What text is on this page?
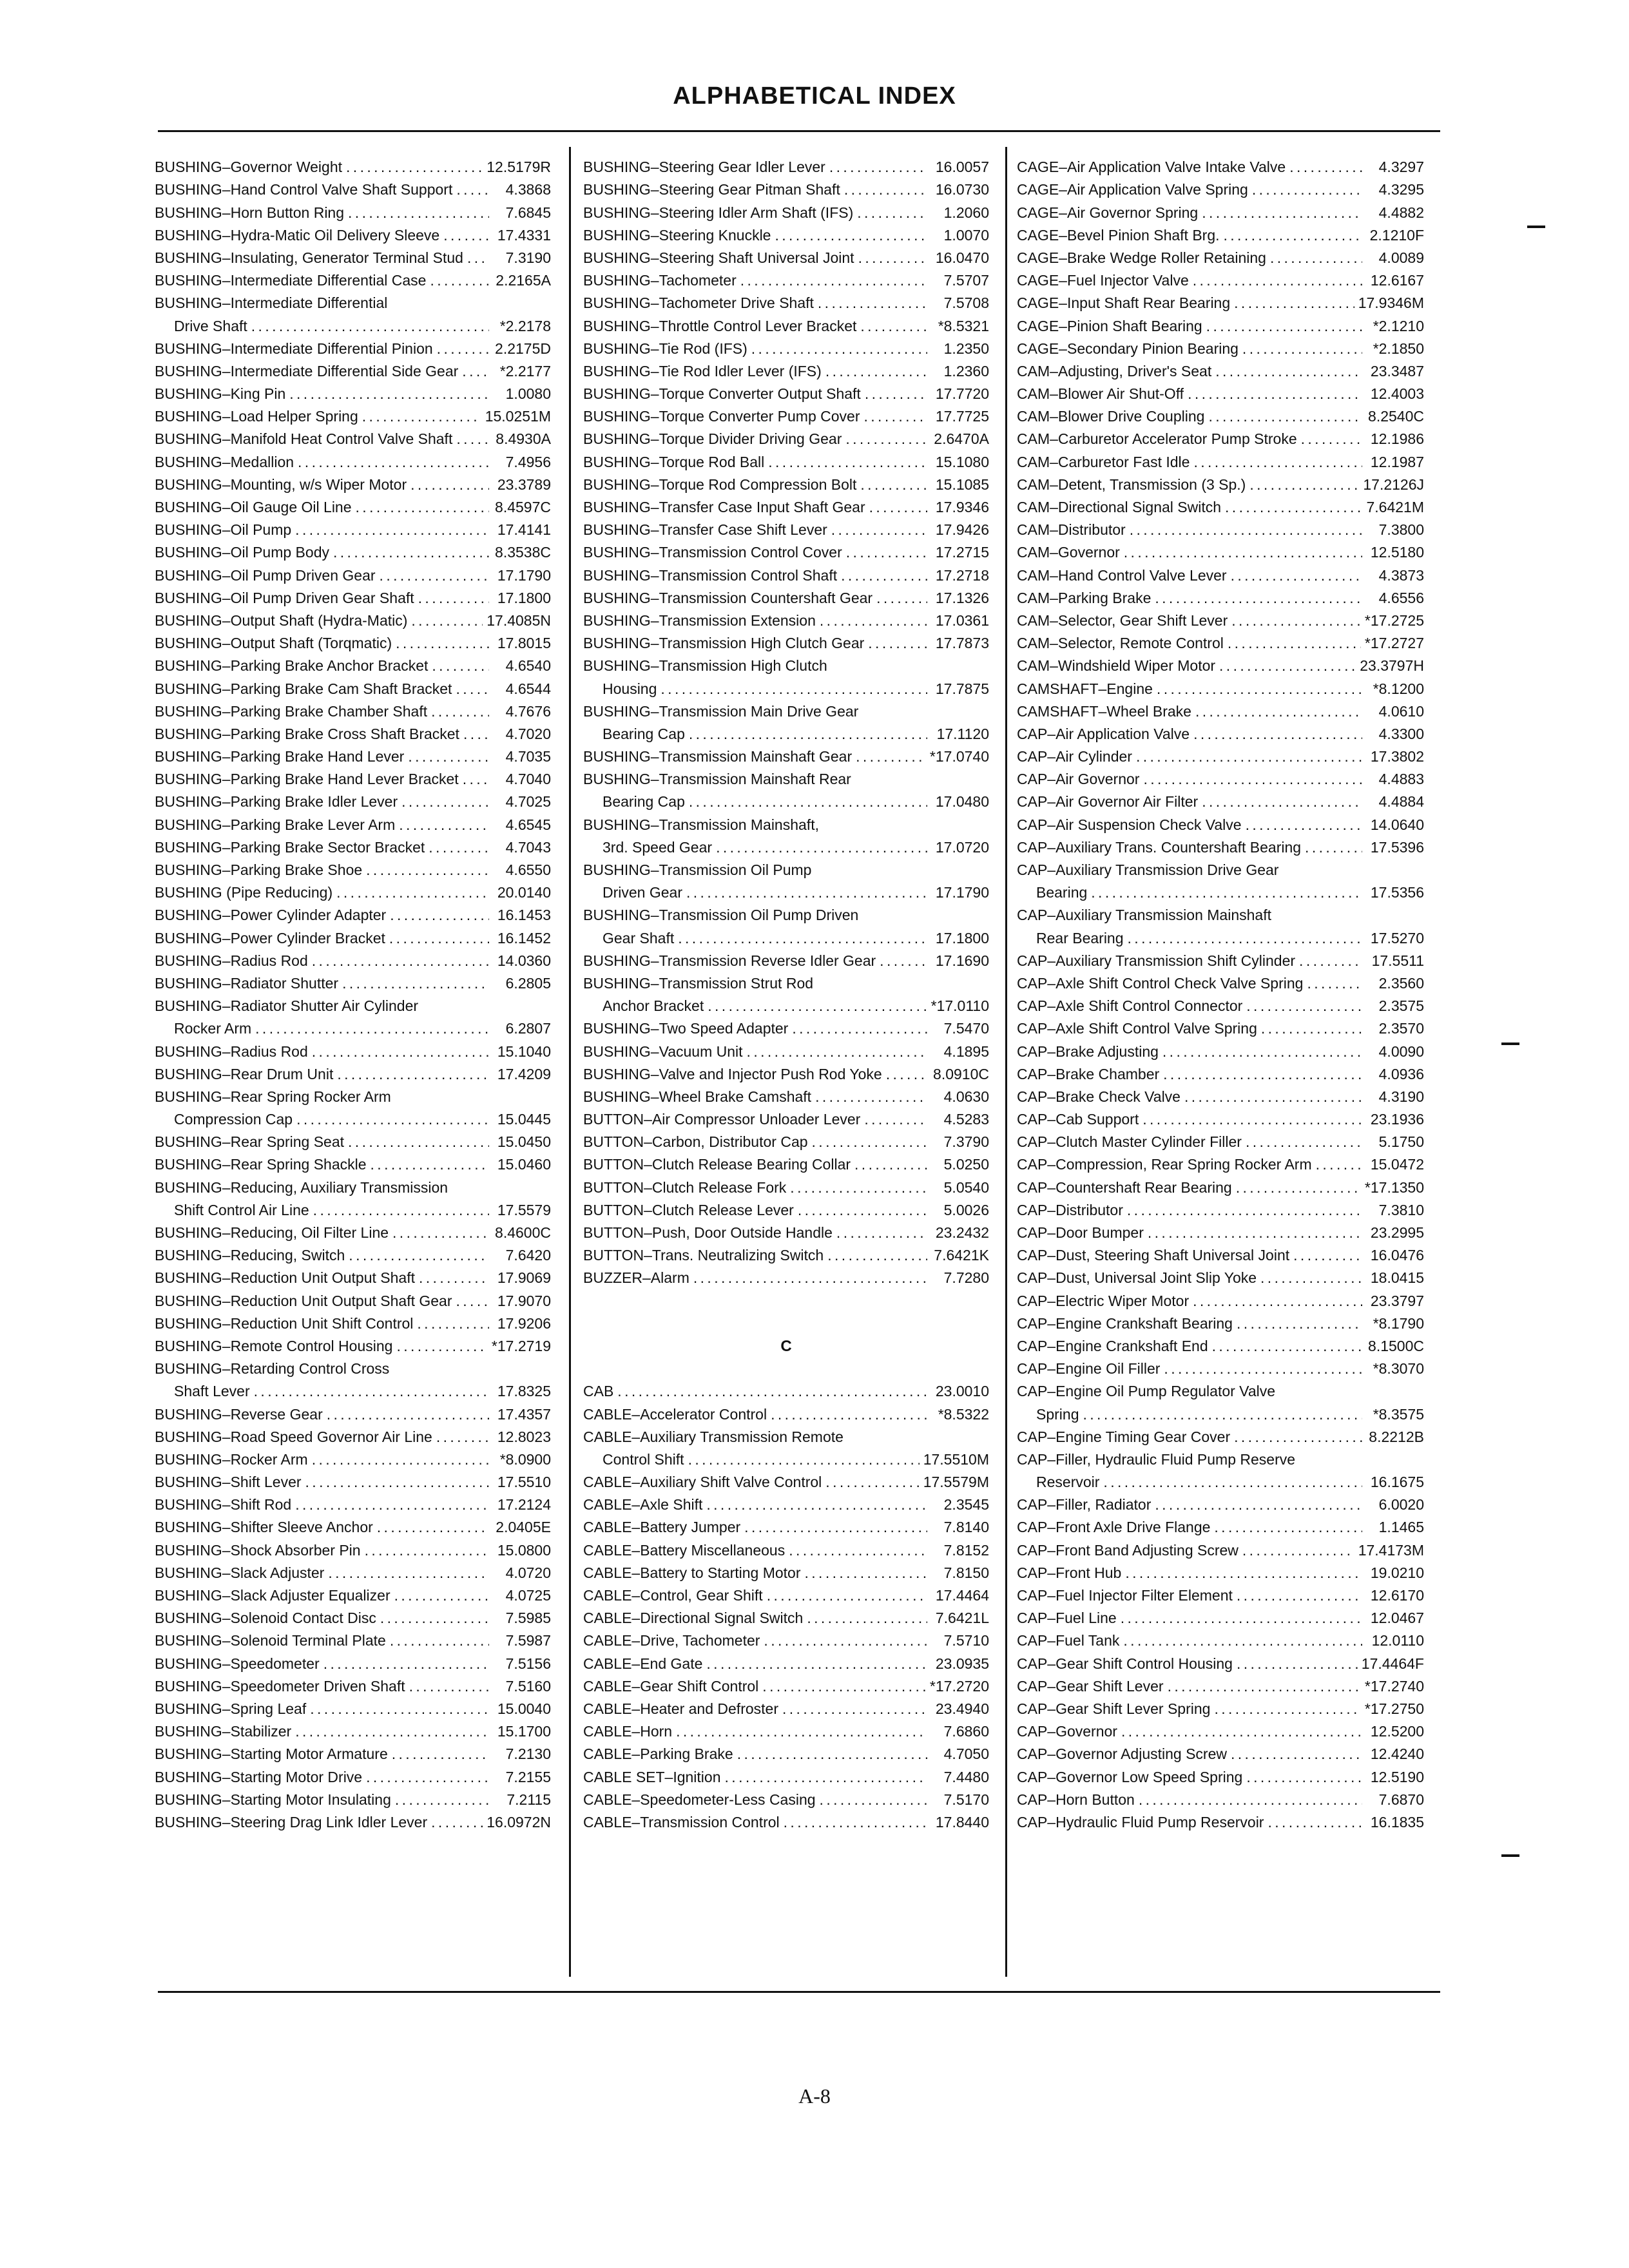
ALPHABETICAL INDEX
BUSHING–Governor Weight . . .	12.5179R
BUSHING–Hand Control Valve Shaft Support . . .	4.3868
BUSHING–Horn Button Ring . . .	7.6845
BUSHING–Hydra-Matic Oil Delivery Sleeve . . .	17.4331
BUSHING–Insulating, Generator Terminal Stud . . .	7.3190
BUSHING–Intermediate Differential Case . . .	2.2165A
BUSHING–Intermediate Differential
Drive Shaft . . .	*2.2178
BUSHING–Intermediate Differential Pinion . . .	2.2175D
BUSHING–Intermediate Differential Side Gear . . .	*2.2177
BUSHING–King Pin . . .	1.0080
BUSHING–Load Helper Spring . . .	15.0251M
BUSHING–Manifold Heat Control Valve Shaft . . .	8.4930A
BUSHING–Medallion . . .	7.4956
BUSHING–Mounting, w/s Wiper Motor . . .	23.3789
BUSHING–Oil Gauge Oil Line . . .	8.4597C
BUSHING–Oil Pump . . .	17.4141
BUSHING–Oil Pump Body . . .	8.3538C
BUSHING–Oil Pump Driven Gear . . .	17.1790
BUSHING–Oil Pump Driven Gear Shaft . . .	17.1800
BUSHING–Output Shaft (Hydra-Matic) . . .	17.4085N
BUSHING–Output Shaft (Torqmatic) . . .	17.8015
BUSHING–Parking Brake Anchor Bracket . . .	4.6540
BUSHING–Parking Brake Cam Shaft Bracket . . .	4.6544
BUSHING–Parking Brake Chamber Shaft . . .	4.7676
BUSHING–Parking Brake Cross Shaft Bracket . . .	4.7020
BUSHING–Parking Brake Hand Lever . . .	4.7035
BUSHING–Parking Brake Hand Lever Bracket . . .	4.7040
BUSHING–Parking Brake Idler Lever . . .	4.7025
BUSHING–Parking Brake Lever Arm . . .	4.6545
BUSHING–Parking Brake Sector Bracket . . .	4.7043
BUSHING–Parking Brake Shoe . . .	4.6550
BUSHING (Pipe Reducing) . . .	20.0140
BUSHING–Power Cylinder Adapter . . .	16.1453
BUSHING–Power Cylinder Bracket . . .	16.1452
BUSHING–Radius Rod . . .	14.0360
BUSHING–Radiator Shutter . . .	6.2805
BUSHING–Radiator Shutter Air Cylinder
Rocker Arm . . .	6.2807
BUSHING–Radius Rod . . .	15.1040
BUSHING–Rear Drum Unit . . .	17.4209
BUSHING–Rear Spring Rocker Arm
Compression Cap . . .	15.0445
BUSHING–Rear Spring Seat . . .	15.0450
BUSHING–Rear Spring Shackle . . .	15.0460
BUSHING–Reducing, Auxiliary Transmission
Shift Control Air Line . . .	17.5579
BUSHING–Reducing, Oil Filter Line . . .	8.4600C
BUSHING–Reducing, Switch . . .	7.6420
BUSHING–Reduction Unit Output Shaft . . .	17.9069
BUSHING–Reduction Unit Output Shaft Gear . . .	17.9070
BUSHING–Reduction Unit Shift Control . . .	17.9206
BUSHING–Remote Control Housing . . .	*17.2719
BUSHING–Retarding Control Cross
Shaft Lever . . .	17.8325
BUSHING–Reverse Gear . . .	17.4357
BUSHING–Road Speed Governor Air Line . . .	12.8023
BUSHING–Rocker Arm . . .	*8.0900
BUSHING–Shift Lever . . .	17.5510
BUSHING–Shift Rod . . .	17.2124
BUSHING–Shifter Sleeve Anchor . . .	2.0405E
BUSHING–Shock Absorber Pin . . .	15.0800
BUSHING–Slack Adjuster . . .	4.0720
BUSHING–Slack Adjuster Equalizer . . .	4.0725
BUSHING–Solenoid Contact Disc . . .	7.5985
BUSHING–Solenoid Terminal Plate . . .	7.5987
BUSHING–Speedometer . . .	7.5156
BUSHING–Speedometer Driven Shaft . . .	7.5160
BUSHING–Spring Leaf . . .	15.0040
BUSHING–Stabilizer . . .	15.1700
BUSHING–Starting Motor Armature . . .	7.2130
BUSHING–Starting Motor Drive . . .	7.2155
BUSHING–Starting Motor Insulating . . .	7.2115
BUSHING–Steering Drag Link Idler Lever . . .	16.0972N
BUSHING–Steering Gear Idler Lever . . .	16.0057
BUSHING–Steering Gear Pitman Shaft . . .	16.0730
BUSHING–Steering Idler Arm Shaft (IFS) . . .	1.2060
BUSHING–Steering Knuckle . . .	1.0070
BUSHING–Steering Shaft Universal Joint . . .	16.0470
BUSHING–Tachometer . . .	7.5707
BUSHING–Tachometer Drive Shaft . . .	7.5708
BUSHING–Throttle Control Lever Bracket . . .	*8.5321
BUSHING–Tie Rod (IFS) . . .	1.2350
BUSHING–Tie Rod Idler Lever (IFS) . . .	1.2360
BUSHING–Torque Converter Output Shaft . . .	17.7720
BUSHING–Torque Converter Pump Cover . . .	17.7725
BUSHING–Torque Divider Driving Gear . . .	2.6470A
BUSHING–Torque Rod Ball . . .	15.1080
BUSHING–Torque Rod Compression Bolt . . .	15.1085
BUSHING–Transfer Case Input Shaft Gear . . .	17.9346
BUSHING–Transfer Case Shift Lever . . .	17.9426
BUSHING–Transmission Control Cover . . .	17.2715
BUSHING–Transmission Control Shaft . . .	17.2718
BUSHING–Transmission Countershaft Gear . . .	17.1326
BUSHING–Transmission Extension . . .	17.0361
BUSHING–Transmission High Clutch Gear . . .	17.7873
BUSHING–Transmission High Clutch
Housing . . .	17.7875
BUSHING–Transmission Main Drive Gear
Bearing Cap . . .	17.1120
BUSHING–Transmission Mainshaft Gear . . .	*17.0740
BUSHING–Transmission Mainshaft Rear
Bearing Cap . . .	17.0480
BUSHING–Transmission Mainshaft,
3rd. Speed Gear . . .	17.0720
BUSHING–Transmission Oil Pump
Driven Gear . . .	17.1790
BUSHING–Transmission Oil Pump Driven
Gear Shaft . . .	17.1800
BUSHING–Transmission Reverse Idler Gear . . .	17.1690
BUSHING–Transmission Strut Rod
Anchor Bracket . . .	*17.0110
BUSHING–Two Speed Adapter . . .	7.5470
BUSHING–Vacuum Unit . . .	4.1895
BUSHING–Valve and Injector Push Rod Yoke . . .	8.0910C
BUSHING–Wheel Brake Camshaft . . .	4.0630
BUTTON–Air Compressor Unloader Lever . . .	4.5283
BUTTON–Carbon, Distributor Cap . . .	7.3790
BUTTON–Clutch Release Bearing Collar . . .	5.0250
BUTTON–Clutch Release Fork . . .	5.0540
BUTTON–Clutch Release Lever . . .	5.0026
BUTTON–Push, Door Outside Handle . . .	23.2432
BUTTON–Trans. Neutralizing Switch . . .	7.6421K
BUZZER–Alarm . . .	7.7280
C
CAB . . .	23.0010
CABLE–Accelerator Control . . .	*8.5322
CABLE–Auxiliary Transmission Remote
Control Shift . . .	17.5510M
CABLE–Auxiliary Shift Valve Control . . .	17.5579M
CABLE–Axle Shift . . .	2.3545
CABLE–Battery Jumper . . .	7.8140
CABLE–Battery Miscellaneous . . .	7.8152
CABLE–Battery to Starting Motor . . .	7.8150
CABLE–Control, Gear Shift . . .	17.4464
CABLE–Directional Signal Switch . . .	7.6421L
CABLE–Drive, Tachometer . . .	7.5710
CABLE–End Gate . . .	23.0935
CABLE–Gear Shift Control . . .	*17.2720
CABLE–Heater and Defroster . . .	23.4940
CABLE–Horn . . .	7.6860
CABLE–Parking Brake . . .	4.7050
CABLE SET–Ignition . . .	7.4480
CABLE–Speedometer-Less Casing . . .	7.5170
CABLE–Transmission Control . . .	17.8440
CAGE–Air Application Valve Intake Valve . . .	4.3297
CAGE–Air Application Valve Spring . . .	4.3295
CAGE–Air Governor Spring . . .	4.4882
CAGE–Bevel Pinion Shaft Brg. . . .	2.1210F
CAGE–Brake Wedge Roller Retaining . . .	4.0089
CAGE–Fuel Injector Valve . . .	12.6167
CAGE–Input Shaft Rear Bearing . . .	17.9346M
CAGE–Pinion Shaft Bearing . . .	*2.1210
CAGE–Secondary Pinion Bearing . . .	*2.1850
CAM–Adjusting, Driver's Seat . . .	23.3487
CAM–Blower Air Shut-Off . . .	12.4003
CAM–Blower Drive Coupling . . .	8.2540C
CAM–Carburetor Accelerator Pump Stroke . . .	12.1986
CAM–Carburetor Fast Idle . . .	12.1987
CAM–Detent, Transmission (3 Sp.) . . .	17.2126J
CAM–Directional Signal Switch . . .	7.6421M
CAM–Distributor . . .	7.3800
CAM–Governor . . .	12.5180
CAM–Hand Control Valve Lever . . .	4.3873
CAM–Parking Brake . . .	4.6556
CAM–Selector, Gear Shift Lever . . .	*17.2725
CAM–Selector, Remote Control . . .	*17.2727
CAM–Windshield Wiper Motor . . .	23.3797H
CAMSHAFT–Engine . . .	*8.1200
CAMSHAFT–Wheel Brake . . .	4.0610
CAP–Air Application Valve . . .	4.3300
CAP–Air Cylinder . . .	17.3802
CAP–Air Governor . . .	4.4883
CAP–Air Governor Air Filter . . .	4.4884
CAP–Air Suspension Check Valve . . .	14.0640
CAP–Auxiliary Trans. Countershaft Bearing . . .	17.5396
CAP–Auxiliary Transmission Drive Gear
Bearing . . .	17.5356
CAP–Auxiliary Transmission Mainshaft
Rear Bearing . . .	17.5270
CAP–Auxiliary Transmission Shift Cylinder . . .	17.5511
CAP–Axle Shift Control Check Valve Spring . . .	2.3560
CAP–Axle Shift Control Connector . . .	2.3575
CAP–Axle Shift Control Valve Spring . . .	2.3570
CAP–Brake Adjusting . . .	4.0090
CAP–Brake Chamber . . .	4.0936
CAP–Brake Check Valve . . .	4.3190
CAP–Cab Support . . .	23.1936
CAP–Clutch Master Cylinder Filler . . .	5.1750
CAP–Compression, Rear Spring Rocker Arm . . .	15.0472
CAP–Countershaft Rear Bearing . . .	*17.1350
CAP–Distributor . . .	7.3810
CAP–Door Bumper . . .	23.2995
CAP–Dust, Steering Shaft Universal Joint . . .	16.0476
CAP–Dust, Universal Joint Slip Yoke . . .	18.0415
CAP–Electric Wiper Motor . . .	23.3797
CAP–Engine Crankshaft Bearing . . .	*8.1790
CAP–Engine Crankshaft End . . .	8.1500C
CAP–Engine Oil Filler . . .	*8.3070
CAP–Engine Oil Pump Regulator Valve
Spring . . .	*8.3575
CAP–Engine Timing Gear Cover . . .	8.2212B
CAP–Filler, Hydraulic Fluid Pump Reserve
Reservoir . . .	16.1675
CAP–Filler, Radiator . . .	6.0020
CAP–Front Axle Drive Flange . . .	1.1465
CAP–Front Band Adjusting Screw . . .	17.4173M
CAP–Front Hub . . .	19.0210
CAP–Fuel Injector Filter Element . . .	12.6170
CAP–Fuel Line . . .	12.0467
CAP–Fuel Tank . . .	12.0110
CAP–Gear Shift Control Housing . . .	17.4464F
CAP–Gear Shift Lever . . .	*17.2740
CAP–Gear Shift Lever Spring . . .	*17.2750
CAP–Governor . . .	12.5200
CAP–Governor Adjusting Screw . . .	12.4240
CAP–Governor Low Speed Spring . . .	12.5190
CAP–Horn Button . . .	7.6870
CAP–Hydraulic Fluid Pump Reservoir . . .	16.1835
A-8
